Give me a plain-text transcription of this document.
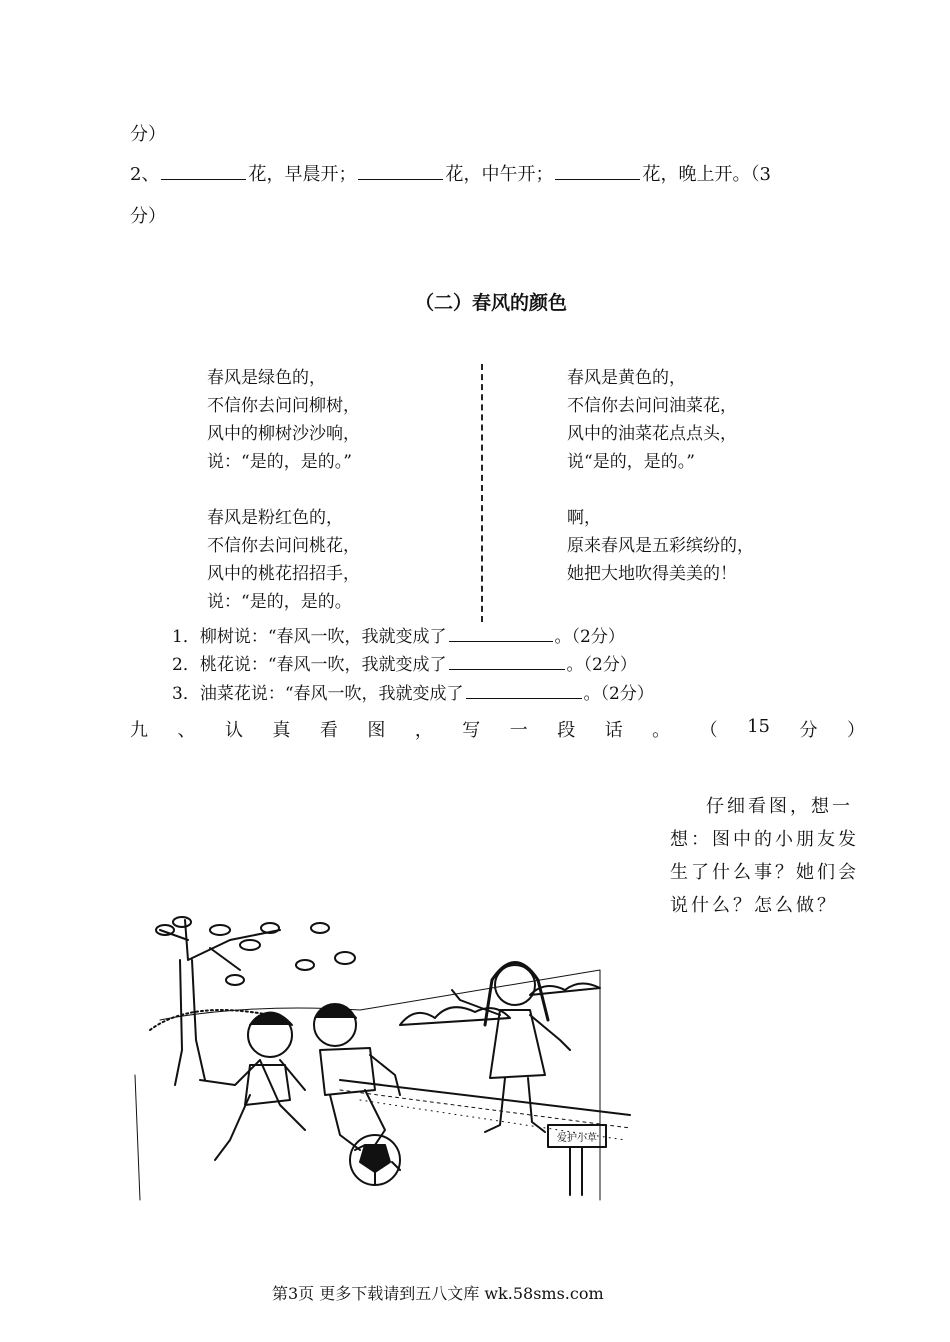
分）
2、	花，早晨开；	花，中午开；	花，晚上开。（3
分）
（二）春风的颜色
春风是绿色的，
不信你去问问柳树，
风中的柳树沙沙响，
说：“是的，是的。”
春风是粉红色的，
不信你去问问桃花，
风中的桃花招招手，
说：“是的，是的。
春风是黄色的，
不信你去问问油菜花，
风中的油菜花点点头，
说“是的，是的。”
啊，
原来春风是五彩缤纷的，
她把大地吹得美美的！
1．柳树说：“春风一吹，我就变成了	。（2分）
2．桃花说：“春风一吹，我就变成了	。（2分）
3．油菜花说：“春风一吹，我就变成了	。（2分）
九 、 认 真 看 图 ， 写 一 段 话 。 （ 15 分 ）
仔细看图，想一想：图中的小朋友发生了什么事？她们会说什么？怎么做？
爱护小草
第3页 更多下载请到五八文库 wk.58sms.com
